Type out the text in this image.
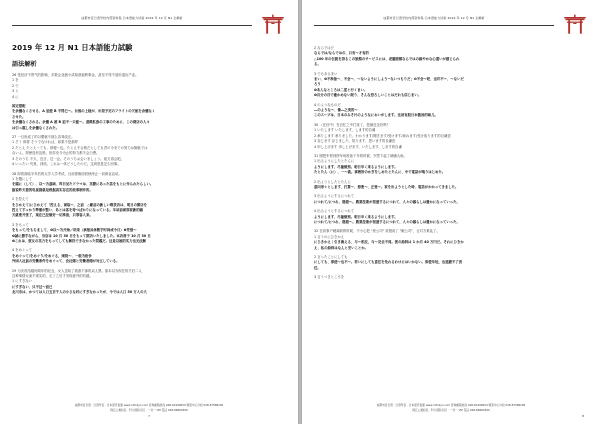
成都市官日语学校内部资料集·日本语能力试验 2019 年 12 月 N1 全解析
2019 年 12 月 N1 日本語能力試験
語法解析
26 受经济不景气的影响，多数企业缩小或取消福利事金，甚至不得不适用退出产业。
1 を
2 で
3 と
4 に
固定搭配
を余儀なくさせる、A 迫使 B 不得已～。台風の上陸が、出発予定のフライトの欠航を余儀なく
させた。
を余儀なくされる。余儀 A 被 B 迫不一只能～。道路拡張の工事のために、この商店の人々
は引っ越しを余儀なくされた。
27 一旦形成了的习惯就不那么容易改正。
1 そう 即将 そうでなければ，如果不是那样
2 たとえ たとえ～ても、即便～也。たとえ不合格だとしても君の今までの努力は無駄では
ないよ。即使没有及格，但你至今为止的努力都不会白费。
3 そのうち 不久、近日、过一会。そのうちお会いましょう。改天再会吧。
4 いったい 究竟、到底。これは一体どうしたのだ。这到底是怎么回事。
28 即将面临半年后的大学入学考试，目前需像西回秋终止一切商业活动。
1 を題にして
を題に（して）、以～为基础、昨日見たドラマは、実際にあった話をもとに作られたらしい。
据说昨天看的电视剧就是根据真实存在的故事制作的。
2 を控えて
をひかえて/にひかえて「控える、面临～、之前　△駅前の新しい喫茶店は、明日の開店を
控えてすっかり準備が整い、あとは客を待つばかりになっている。车站前面那家新的咖
天就要开张了，现在已经做好一切准备，只等客人来。
3 をもって
をもって/をもちまして、❶以～为开始／结束（承接具体数字时间或今日）❶凭借～
❶誠に勝手ながら、当店は 10 月 30 日をもって閉店いたしました。本店将于 10 月 30 日
❶これは、彼女の実力をもってしても解決できなかった問題だ。这是以她的实力也无法解
4 をめぐって
をめぐって/をめぐり/をめぐる，围绕～、一般为纷争
外国人社員の労働条件をめぐって、会社側と労働者側が対立している。
29 为庆祝结婚两周年的纪念，女人送给了我游不那的双人票。原本以为现在的夫妇二人
这种事情反而不现实的，走了之后才发现意外的有趣。
1 にすぎない
にすぎない、只不过～而已
北川市は、かつては人口五百千人の小さな村にすぎなかったが、今では人口 50 万人の大
成都市官日语 · 日语考官 · 日本留学直通 www.cdtokyo.com 咨询邮箱热线 028-61999659 锦里中心分校 028-67568299
锦江公寓校区 · 科大国际分区 · 一对一 VIP 签证 028-86680399
7
成都市官日语学校内部资料集·日本语能力试验 2019 年 12 月 N1 全解析
2 ならではだ
ならでは/ならではの、只有～才有的
△100 年の伝統を誇るこの旅館のサービスには、老舗旅館ならではの細やかな心遣いが感じられ
る。
3 でもあるまい
まい、❶不准备～、不会～、～ないようにしよう~ないつもりだ；❷不会～吧、也许不～、～ないだ
ろう
❶あんなところは二度と行くまい。
❶自分の目で確かめない限り、そんな恐ろしいことはだれも信じまい。
4 のようなものだ
―のような～、像―之类的～
このスープは、日本のみそ汁のようなにおいがします。这汤有股日本酱汤的味儿。
30 （在信中）在百忙之中打扰了，您最近还好吗？
1 いたします いたします，します的自谦
2 承りします 承りました、わかります/聞きます/受けます/尋ねます/受け取ります的自谦语
3 存じます 存じました、知ります、思います的自谦语
4 申し上げます 申し上げます、いたします、します的自谦
31 刚把车停到停车场准备下车的时候，突然下起了磅礴大雨。
1 出るようにしたとたんに
ようにします、尽量做到。明日早く来るようにします。
たとたん（に）、一～就。事務所のかぎをしめたとたんに、中で電話が鳴りはじめた。
2 出ようとしたとたんに
意向形＋とします、打算～、想要～、正要～。家を出ようとした時、電話がかかってきました。
3 出るようにするにつれて
につれて/につれ、随着～。農業技術が発達するにつれて、人々の暮らしは豊かになっていった。
4 出るようとするにつれて
ようにします、尽量做到。明日早く来るようにします。
につれて/につれ、随着～。農業技術が発達するにつれて、人々の暮らしは豊かになっていった。
32 在同事户硬离职的时候，不小心把 "贵公司" 说错成了 "敝公司"，让对方难乱了。
1 言うのにひきかえ
にひきかえ｜引き換える、与～相反，与～完全不同。彼の給料は 1 か月 40 万円だ。それにひきか
え、私の給料はなんと安いことか。
2 言ったことにしても
にしても、即使～也不～。若いにしても責任を免れるわけにはいかない。即使年轻，也逃避不了责
任。
3 言うべきところを
成都市官日语 · 日语考官 · 日本留学直通 www.cdtokyo.com 咨询邮箱热线 028-61999659 锦里中心分校 028-67568299
锦江公寓校区 · 科大国际分区 · 一对一 VIP 签证 028-86680399
8
